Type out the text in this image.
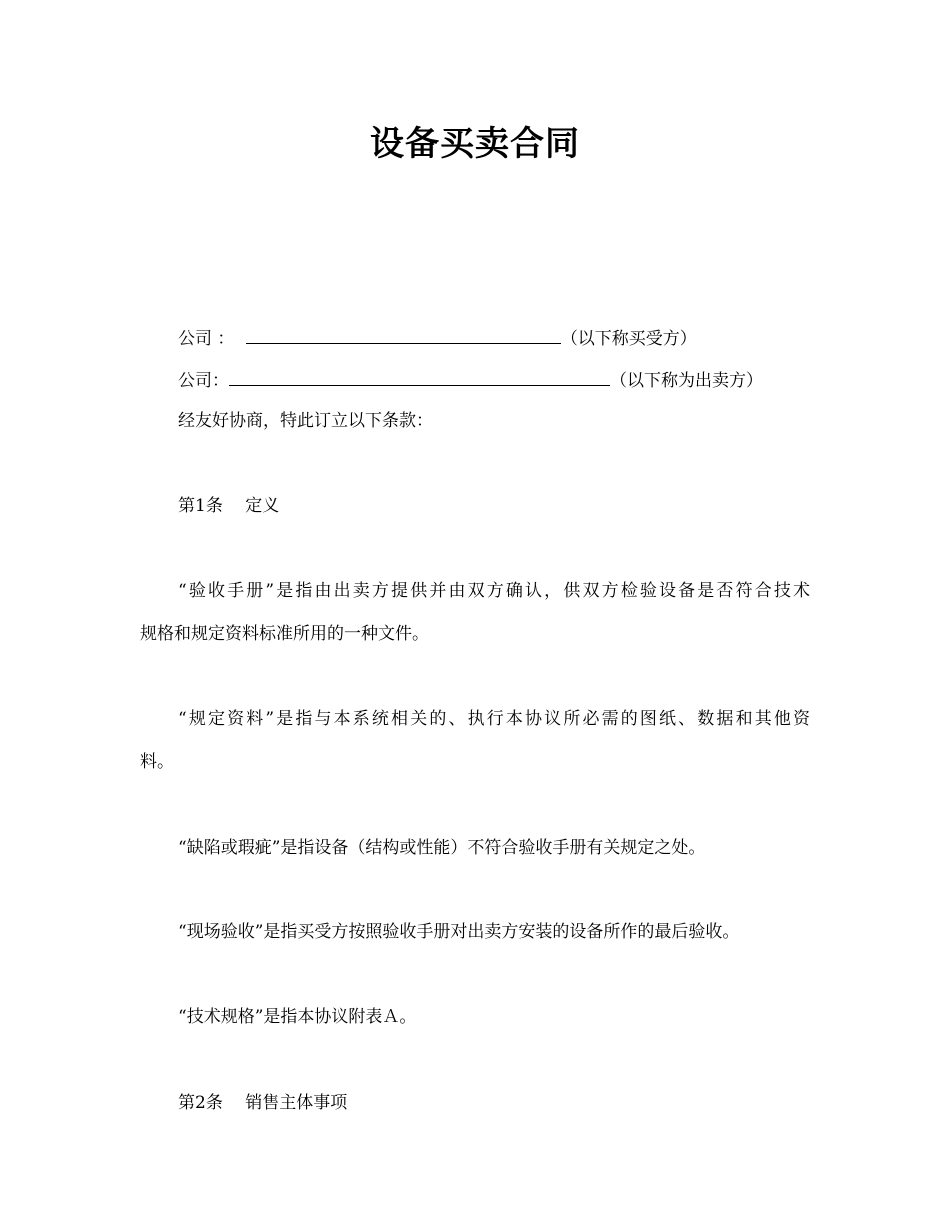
设备买卖合同
公司 ：	（以下称买受方）
公司：	（以下称为出卖方）
经友好协商，特此订立以下条款：
第1条　 定义
“验收手册”是指由出卖方提供并由双方确认，供双方检验设备是否符合技术
规格和规定资料标准所用的一种文件。
“规定资料”是指与本系统相关的、执行本协议所必需的图纸、数据和其他资
料。
“缺陷或瑕疵”是指设备（结构或性能）不符合验收手册有关规定之处。
“现场验收”是指买受方按照验收手册对出卖方安装的设备所作的最后验收。
“技术规格”是指本协议附表Ａ。
第2条　 销售主体事项
